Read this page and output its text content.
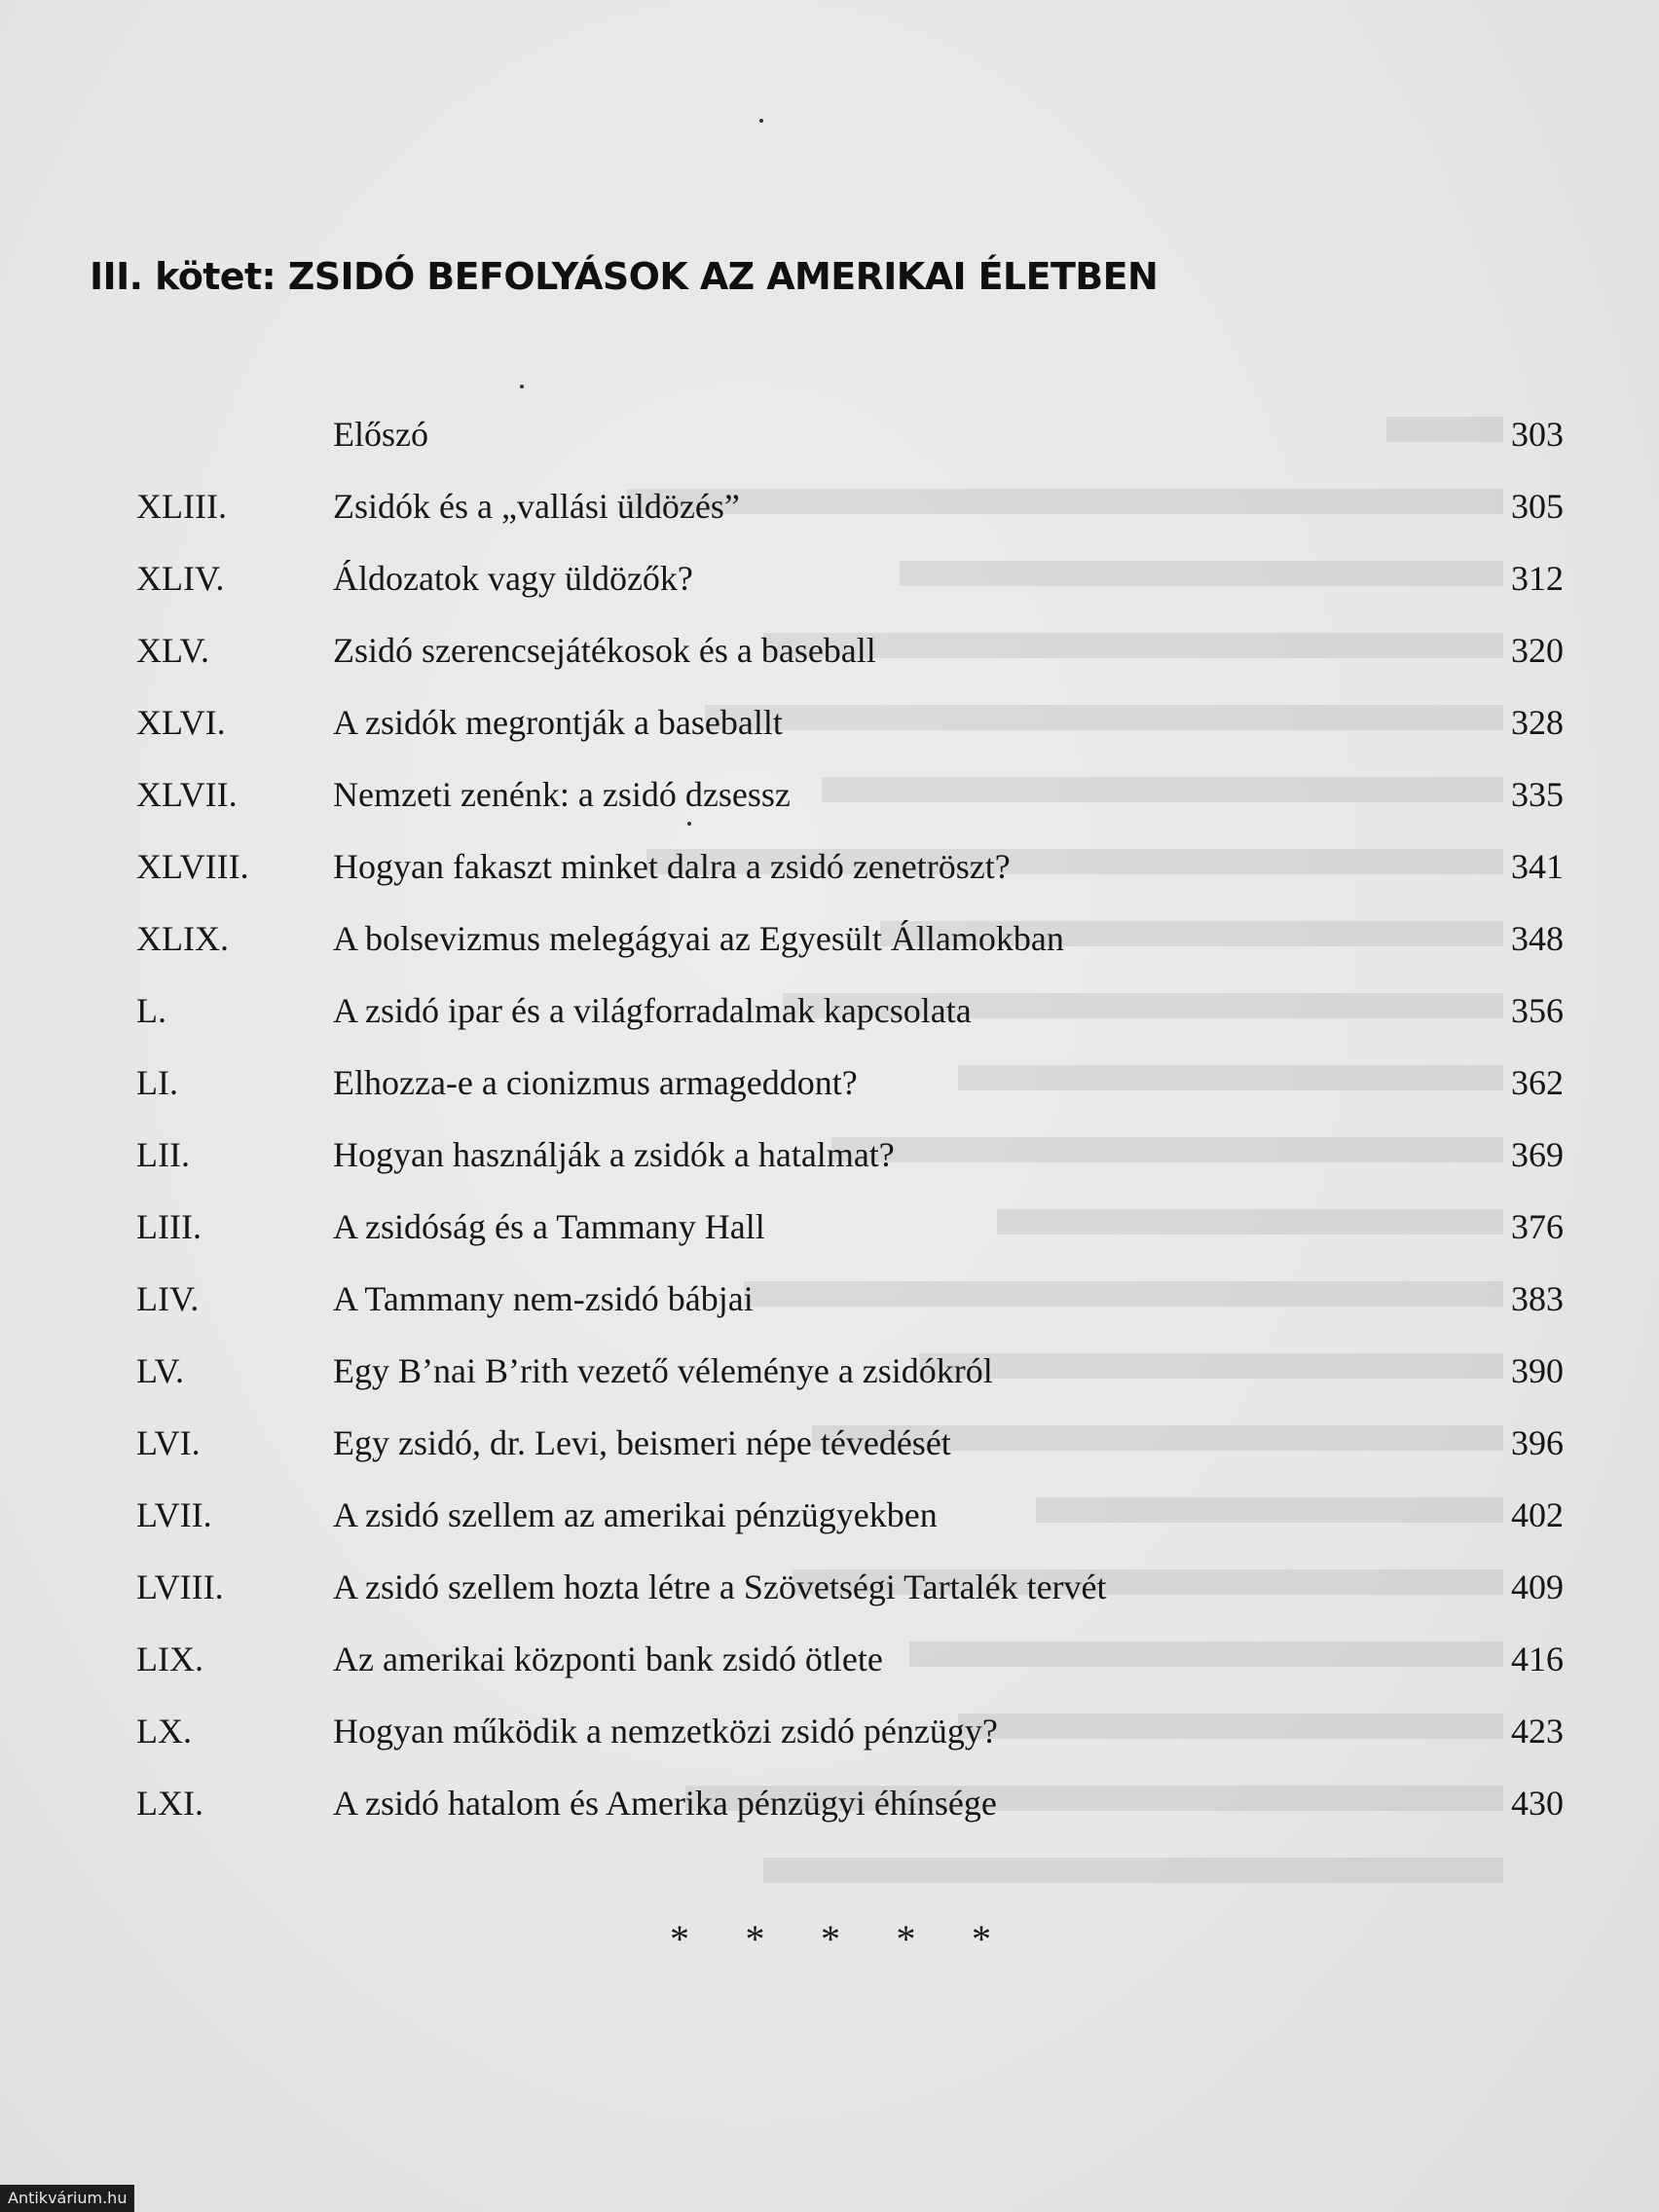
III. kötet: ZSIDÓ BEFOLYÁSOK AZ AMERIKAI ÉLETBEN
Előszó	303
XLIII.	Zsidók és a „vallási üldözés”	305
XLIV.	Áldozatok vagy üldözők?	312
XLV.	Zsidó szerencsejátékosok és a baseball	320
XLVI.	A zsidók megrontják a baseballt	328
XLVII.	Nemzeti zenénk: a zsidó dzsessz	335
XLVIII. Hogyan fakaszt minket dalra a zsidó zenetröszt?	341
XLIX.	A bolsevizmus melegágyai az Egyesült Államokban	348
L.	A zsidó ipar és a világforradalmak kapcsolata	356
LI.	Elhozza-e a cionizmus armageddont?	362
LII.	Hogyan használják a zsidók a hatalmat?	369
LIII.	A zsidóság és a Tammany Hall	376
LIV.	A Tammany nem-zsidó bábjai	383
LV.	Egy B’nai B’rith vezető véleménye a zsidókról	390
LVI.	Egy zsidó, dr. Levi, beismeri népe tévedését	396
LVII.	A zsidó szellem az amerikai pénzügyekben	402
LVIII.	A zsidó szellem hozta létre a Szövetségi Tartalék tervét	409
LIX.	Az amerikai központi bank zsidó ötlete	416
LX.	Hogyan működik a nemzetközi zsidó pénzügy?	423
LXI.	A zsidó hatalom és Amerika pénzügyi éhínsége	430
* * * * *
Antikvárium.hu
